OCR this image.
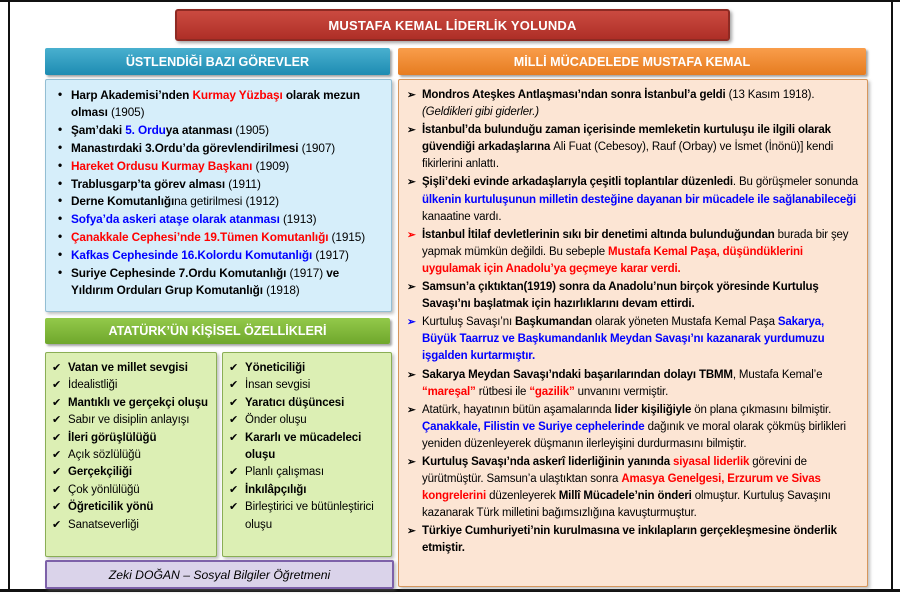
MUSTAFA KEMAL LİDERLİK YOLUNDA
ÜSTLENDİĞİ BAZI GÖREVLER
• Harp Akademisi’nden Kurmay Yüzbaşı olarak mezun olması (1905)
• Şam’daki 5. Orduya atanması (1905)
• Manastırdaki 3.Ordu’da görevlendirilmesi (1907)
• Hareket Ordusu Kurmay Başkanı (1909)
• Trablusgarp’ta görev alması (1911)
• Derne Komutanlığına getirilmesi (1912)
• Sofya’da askeri ataşe olarak atanması (1913)
• Çanakkale Cephesi’nde 19.Tümen Komutanlığı (1915)
• Kafkas Cephesinde 16.Kolordu Komutanlığı (1917)
• Suriye Cephesinde 7.Ordu Komutanlığı (1917) ve Yıldırım Orduları Grup Komutanlığı (1918)
ATATÜRK’ÜN KİŞİSEL ÖZELLİKLERİ
✔ Vatan ve millet sevgisi
✔ İdealistliği
✔ Mantıklı ve gerçekçi oluşu
✔ Sabır ve disiplin anlayışı
✔ İleri görüşlülüğü
✔ Açık sözlülüğü
✔ Gerçekçiliği
✔ Çok yönlülüğü
✔ Öğreticilik yönü
✔ Sanatseverliği
✔ Yöneticiliği
✔ İnsan sevgisi
✔ Yaratıcı düşüncesi
✔ Önder oluşu
✔ Kararlı ve mücadeleci oluşu
✔ Planlı çalışması
✔ İnkılâpçılığı
✔ Birleştirici ve bütünleştirici oluşu
Zeki DOĞAN – Sosyal Bilgiler Öğretmeni
MİLLİ MÜCADELEDE MUSTAFA KEMAL
➢ Mondros Ateşkes Antlaşması’ndan sonra İstanbul’a geldi (13 Kasım 1918). (Geldikleri gibi giderler.)
➢ İstanbul’da bulunduğu zaman içerisinde memleketin kurtuluşu ile ilgili olarak güvendiği arkadaşlarına Ali Fuat (Cebesoy), Rauf (Orbay) ve İsmet (İnönü)] kendi fikirlerini anlattı.
➢ Şişli’deki evinde arkadaşlarıyla çeşitli toplantılar düzenledi. Bu görüşmeler sonunda ülkenin kurtuluşunun milletin desteğine dayanan bir mücadele ile sağlanabileceği kanaatine vardı.
➢ İstanbul İtilaf devletlerinin sıkı bir denetimi altında bulunduğundan burada bir şey yapmak mümkün değildi. Bu sebeple Mustafa Kemal Paşa, düşündüklerini uygulamak için Anadolu’ya geçmeye karar verdi.
➢ Samsun’a çıktıktan(1919) sonra da Anadolu’nun birçok yöresinde Kurtuluş Savaşı’nı başlatmak için hazırlıklarını devam ettirdi.
➢ Kurtuluş Savaşı’nı Başkumandan olarak yöneten Mustafa Kemal Paşa Sakarya, Büyük Taarruz ve Başkumandanlık Meydan Savaşı’nı kazanarak yurdumuzu işgalden kurtarmıştır.
➢ Sakarya Meydan Savaşı’ndaki başarılarından dolayı TBMM, Mustafa Kemal’e “mareşal” rütbesi ile “gazilik” unvanını vermiştir.
➢ Atatürk, hayatının bütün aşamalarında lider kişiliğiyle ön plana çıkmasını bilmiştir. Çanakkale, Filistin ve Suriye cephelerinde dağınık ve moral olarak çökmüş birlikleri yeniden düzenleyerek düşmanın ilerleyişini durdurmasını bilmiştir.
➢ Kurtuluş Savaşı’nda askerî liderliğinin yanında siyasal liderlik görevini de yürütmüştür. Samsun’a ulaştıktan sonra Amasya Genelgesi, Erzurum ve Sivas kongrelerini düzenleyerek Millî Mücadele’nin önderi olmuştur. Kurtuluş Savaşını kazanarak Türk milletini bağımsızlığına kavuşturmuştur.
➢ Türkiye Cumhuriyeti’nin kurulmasına ve inkılapların gerçekleşmesine önderlik etmiştir.
